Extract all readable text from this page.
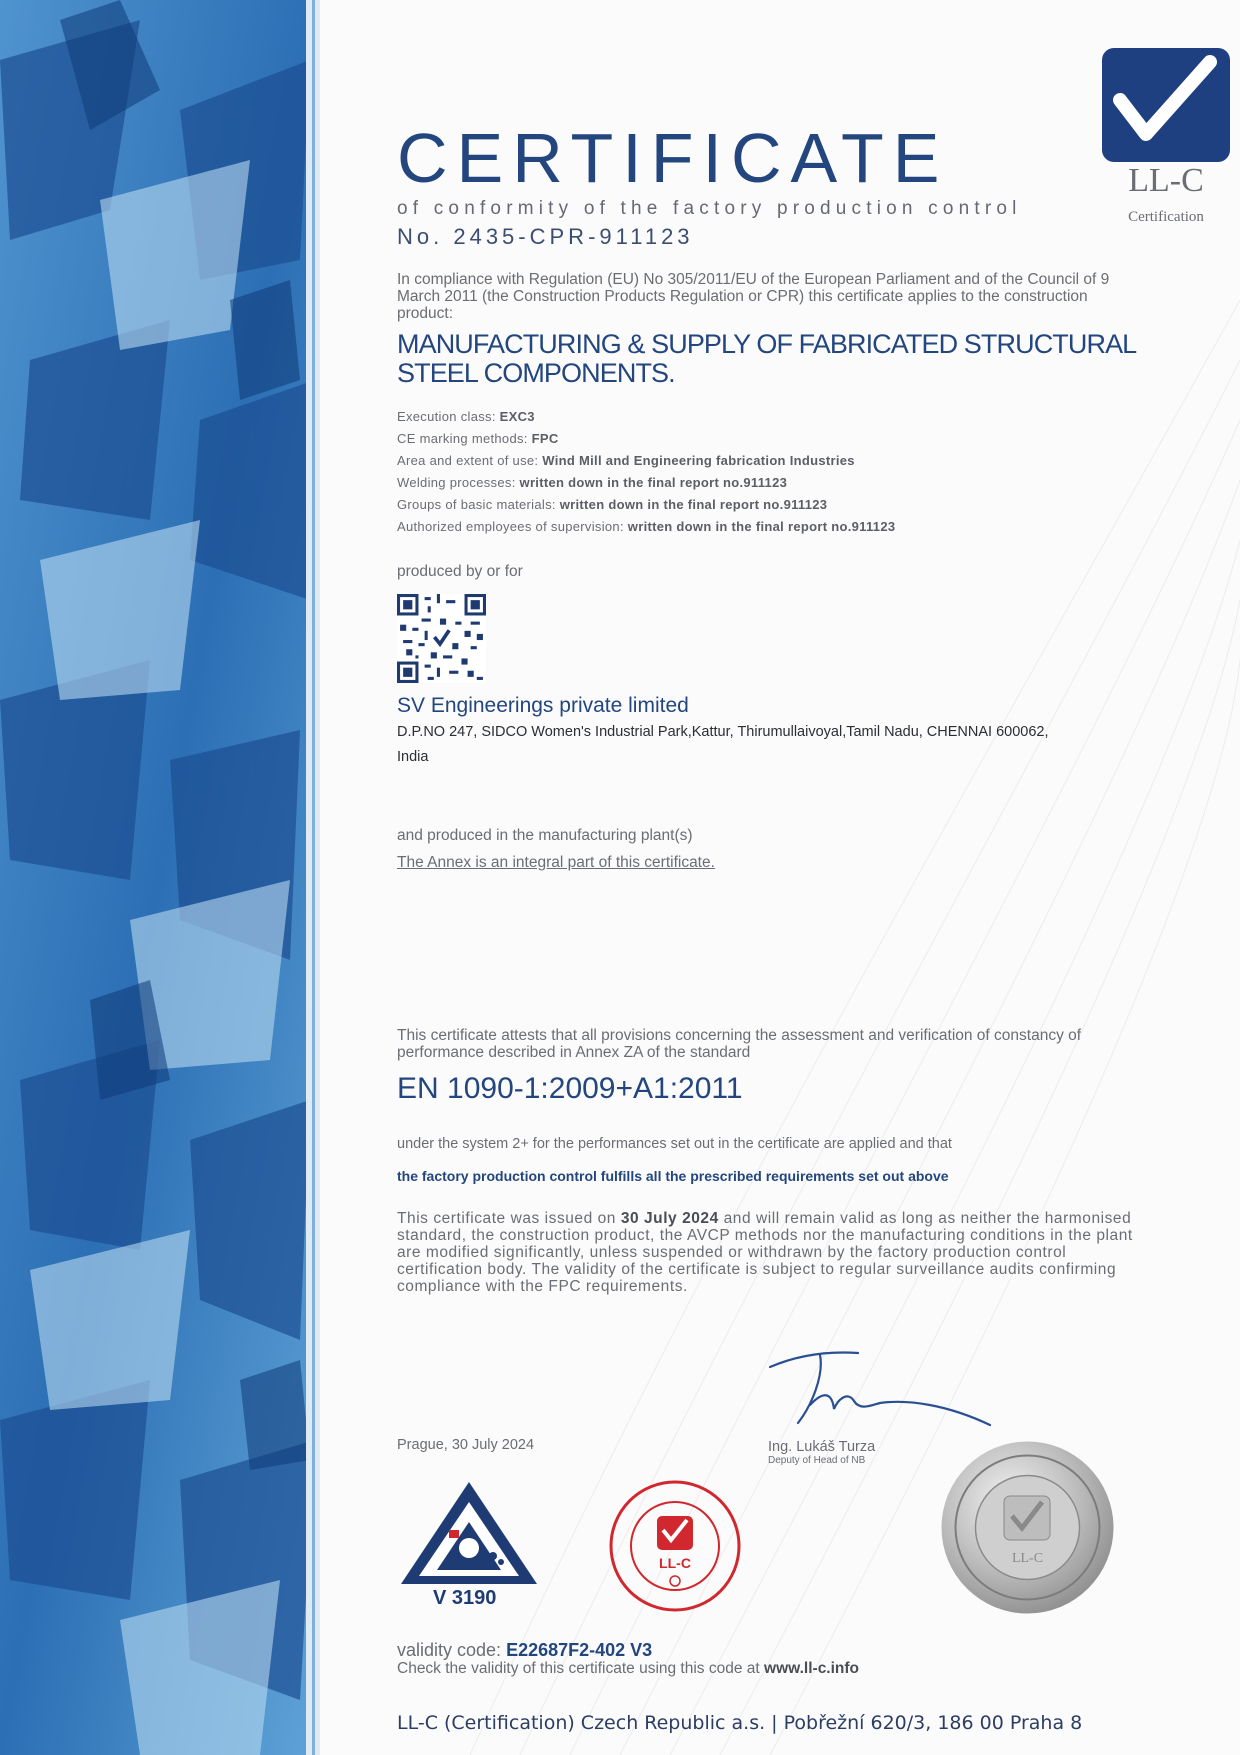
CERTIFICATE
of conformity of the factory production control
No. 2435-CPR-911123
LL-C
Certification
In compliance with Regulation (EU) No 305/2011/EU of the European Parliament and of the Council of 9 March 2011 (the Construction Products Regulation or CPR) this certificate applies to the construction product:
MANUFACTURING & SUPPLY OF FABRICATED STRUCTURAL STEEL COMPONENTS.
Execution class: EXC3
CE marking methods: FPC
Area and extent of use: Wind Mill and Engineering fabrication Industries
Welding processes: written down in the final report no.911123
Groups of basic materials: written down in the final report no.911123
Authorized employees of supervision: written down in the final report no.911123
produced by or for
SV Engineerings private limited
D.P.NO 247, SIDCO Women's Industrial Park,Kattur, Thirumullaivoyal,Tamil Nadu, CHENNAI 600062,
India
and produced in the manufacturing plant(s)
The Annex is an integral part of this certificate.
This certificate attests that all provisions concerning the assessment and verification of constancy of performance described in Annex ZA of the standard
EN 1090-1:2009+A1:2011
under the system 2+ for the performances set out in the certificate are applied and that
the factory production control fulfills all the prescribed requirements set out above
This certificate was issued on 30 July 2024 and will remain valid as long as neither the harmonised standard, the construction product, the AVCP methods nor the manufacturing conditions in the plant are modified significantly, unless suspended or withdrawn by the factory production control certification body. The validity of the certificate is subject to regular surveillance audits confirming compliance with the FPC requirements.
Prague, 30 July 2024	Ing. Lukáš Turza
Deputy of Head of NB
V 3190
LL-C	LL-C
validity code: E22687F2-402 V3
Check the validity of this certificate using this code at www.ll-c.info
LL-C (Certification) Czech Republic a.s. | Pobřežní 620/3, 186 00 Praha 8
